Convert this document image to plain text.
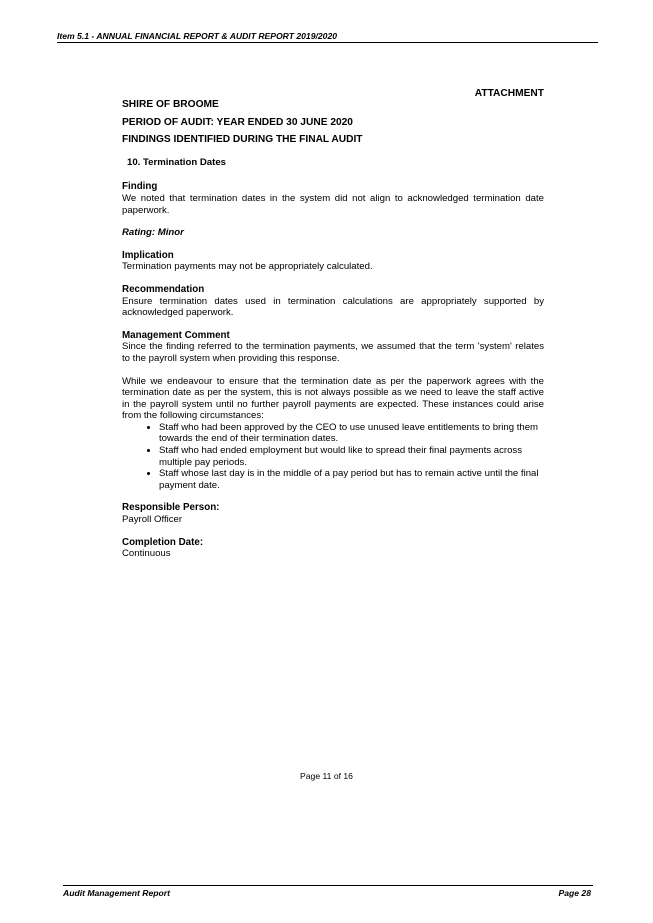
Item 5.1 - ANNUAL FINANCIAL REPORT & AUDIT REPORT 2019/2020
ATTACHMENT
SHIRE OF BROOME
PERIOD OF AUDIT: YEAR ENDED 30 JUNE 2020
FINDINGS IDENTIFIED DURING THE FINAL AUDIT
10. Termination Dates
Finding

We noted that termination dates in the system did not align to acknowledged termination date paperwork.

Rating: Minor
Implication

Termination payments may not be appropriately calculated.

Recommendation

Ensure termination dates used in termination calculations are appropriately supported by acknowledged paperwork.

Management Comment

Since the finding referred to the termination payments, we assumed that the term 'system' relates to the payroll system when providing this response.

While we endeavour to ensure that the termination date as per the paperwork agrees with the termination date as per the system, this is not always possible as we need to leave the staff active in the payroll system until no further payroll payments are expected. These instances could arise from the following circumstances:

• Staff who had been approved by the CEO to use unused leave entitlements to bring them towards the end of their termination dates.
• Staff who had ended employment but would like to spread their final payments across multiple pay periods.
• Staff whose last day is in the middle of a pay period but has to remain active until the final payment date.
Responsible Person:

Payroll Officer

Completion Date:

Continuous

Page 11 of 16
Audit Management Report	Page 28
